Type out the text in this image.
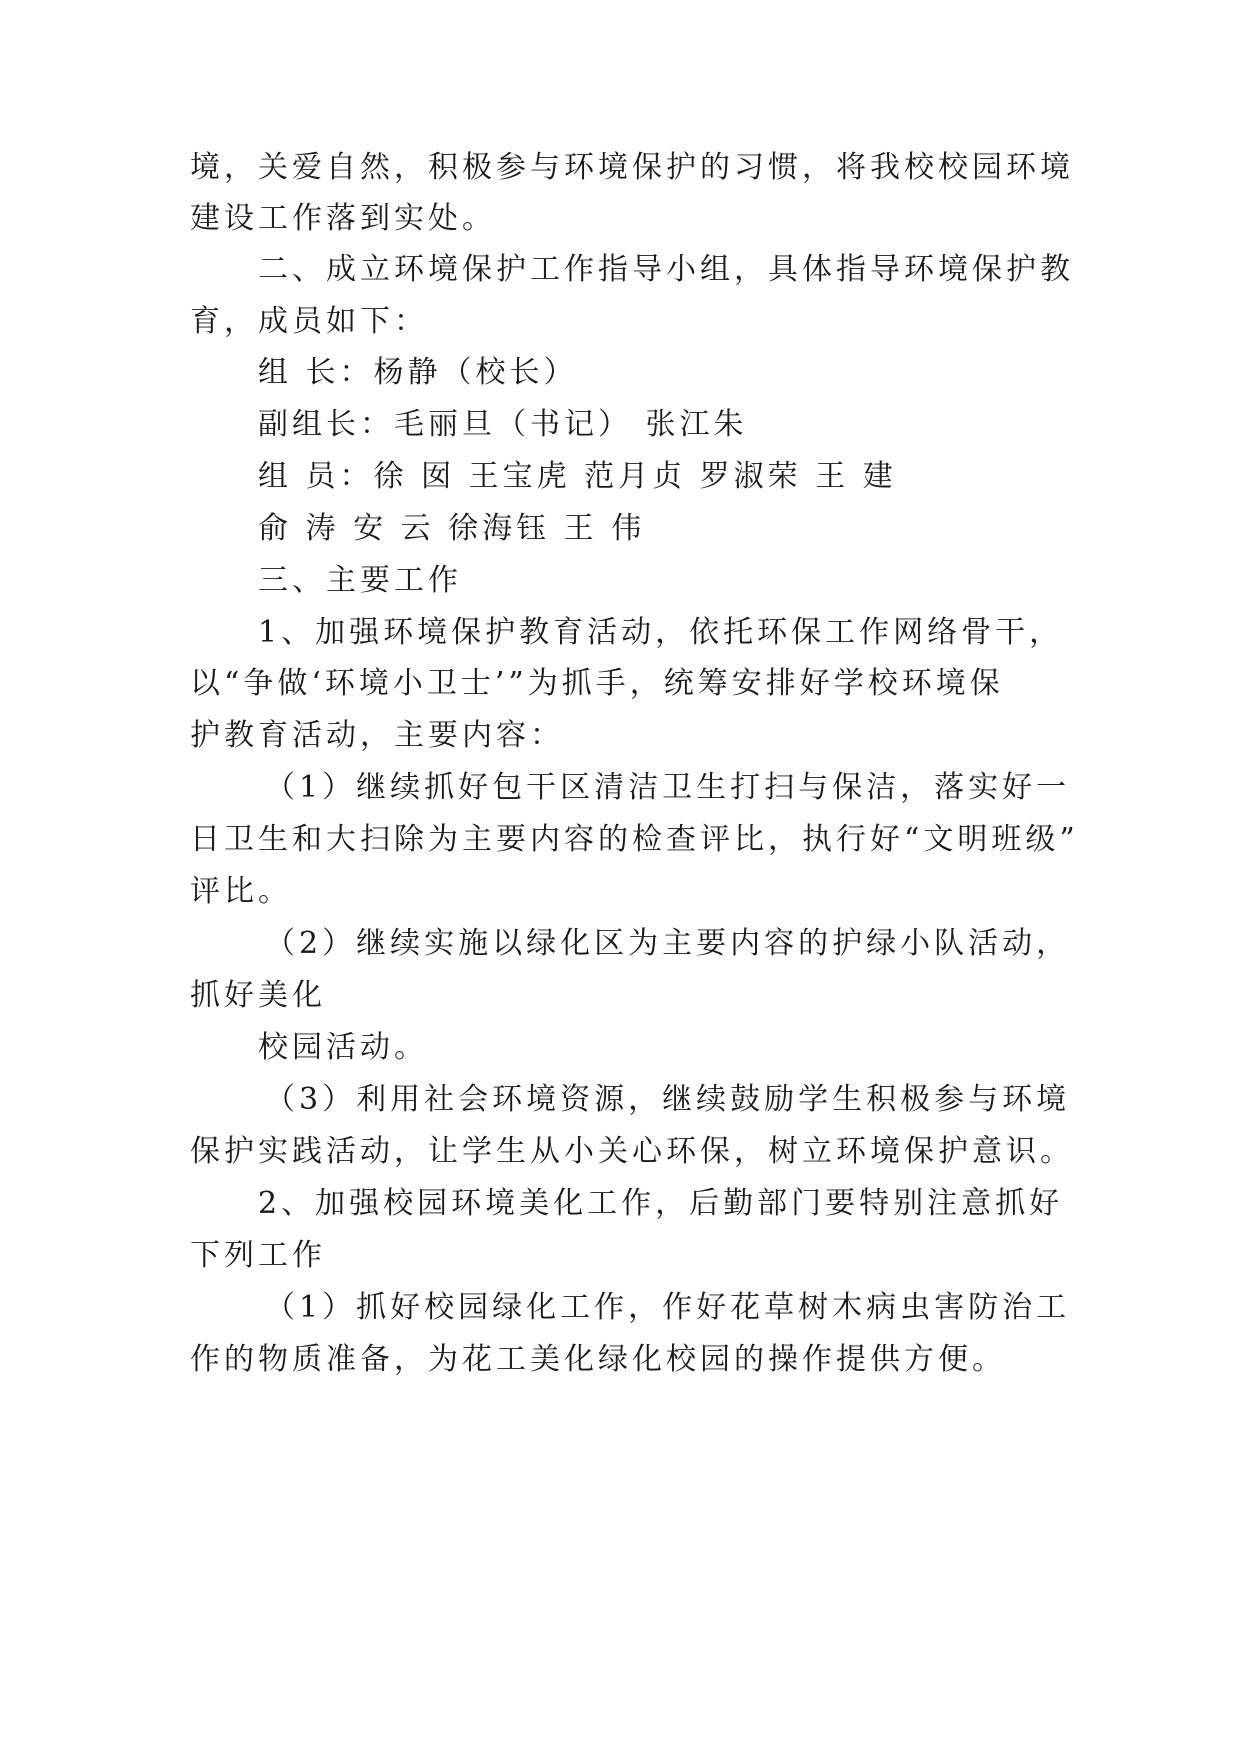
境，关爱自然，积极参与环境保护的习惯，将我校校园环境
建设工作落到实处。
二、成立环境保护工作指导小组，具体指导环境保护教
育，成员如下：
组 长：杨静（校长）
副组长：毛丽旦（书记） 张江朱
组 员：徐 囡 王宝虎 范月贞 罗淑荣 王 建
俞 涛 安 云 徐海钰 王 伟
三、主要工作
1、加强环境保护教育活动，依托环保工作网络骨干，
以“争做‘环境小卫士’”为抓手，统筹安排好学校环境保
护教育活动，主要内容：
（1）继续抓好包干区清洁卫生打扫与保洁，落实好一
日卫生和大扫除为主要内容的检查评比，执行好“文明班级”
评比。
（2）继续实施以绿化区为主要内容的护绿小队活动，
抓好美化
校园活动。
（3）利用社会环境资源，继续鼓励学生积极参与环境
保护实践活动，让学生从小关心环保，树立环境保护意识。
2、加强校园环境美化工作，后勤部门要特别注意抓好
下列工作
（1）抓好校园绿化工作，作好花草树木病虫害防治工
作的物质准备，为花工美化绿化校园的操作提供方便。
